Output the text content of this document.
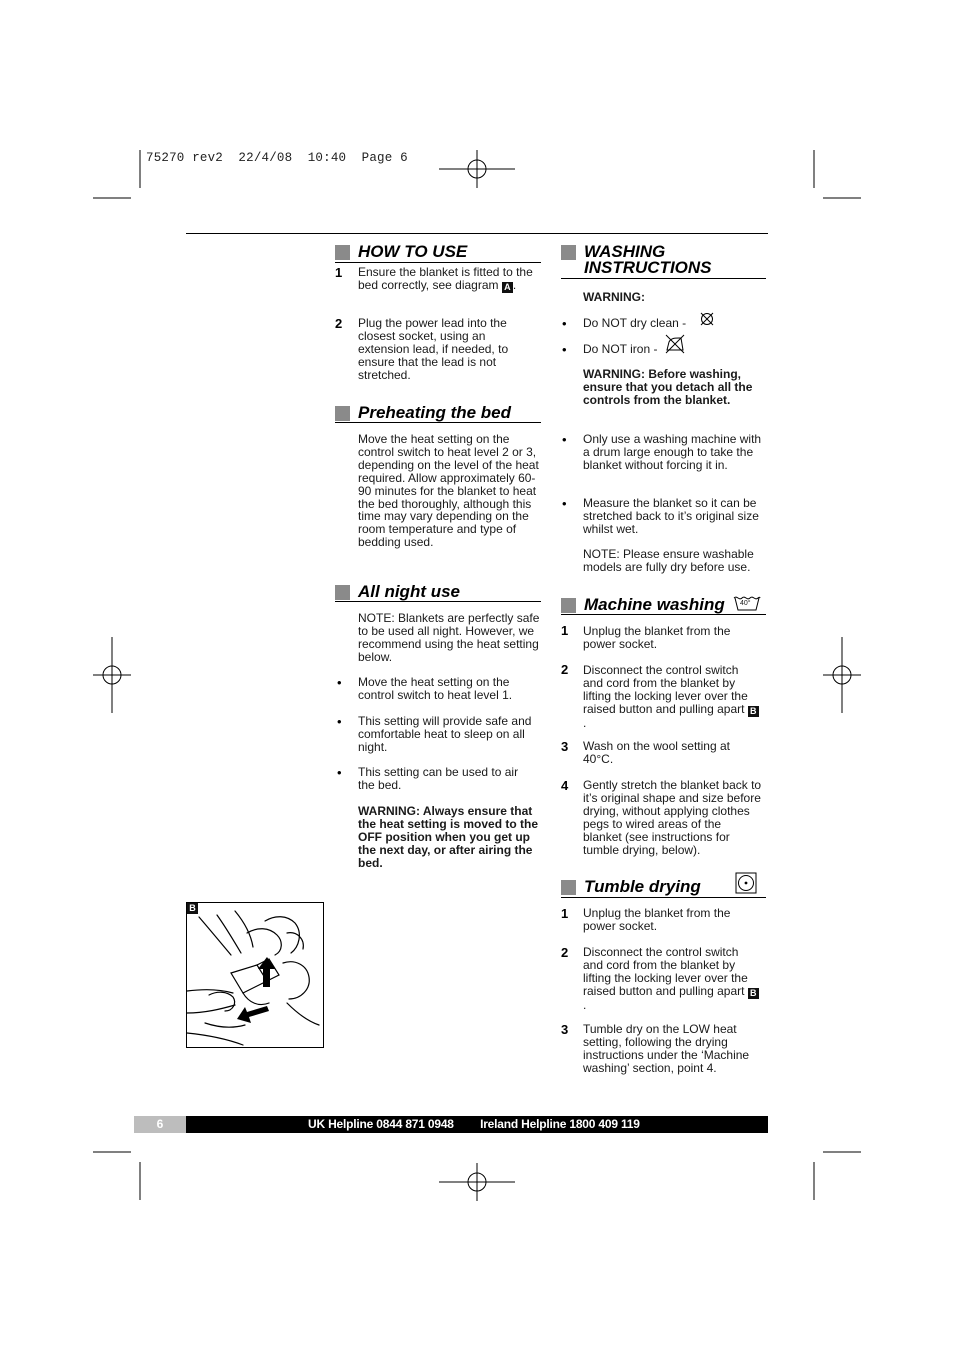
75270 rev2  22/4/08  10:40  Page 6
HOW TO USE
1 Ensure the blanket is fitted to the bed correctly, see diagram A .
2 Plug the power lead into the closest socket, using an extension lead, if needed, to ensure that the lead is not stretched.
Preheating the bed
Move the heat setting on the control switch to heat level 2 or 3, depending on the level of the heat required. Allow approximately 60-90 minutes for the blanket to heat the bed thoroughly, although this time may vary depending on the room temperature and type of bedding used.
All night use
NOTE: Blankets are perfectly safe to be used all night. However, we recommend using the heat setting below.
• Move the heat setting on the control switch to heat level 1.
• This setting will provide safe and comfortable heat to sleep on all night.
• This setting can be used to air the bed.
WARNING: Always ensure that the heat setting is moved to the OFF position when you get up the next day, or after airing the bed.
B
WASHING INSTRUCTIONS
WARNING:
• Do NOT dry clean -
• Do NOT iron -
WARNING: Before washing, ensure that you detach all the controls from the blanket.
• Only use a washing machine with a drum large enough to take the blanket without forcing it in.
• Measure the blanket so it can be stretched back to it’s original size whilst wet.
NOTE: Please ensure washable models are fully dry before use.
Machine washing 40°
1 Unplug the blanket from the power socket.
2 Disconnect the control switch and cord from the blanket by lifting the locking lever over the raised button and pulling apart B.
3 Wash on the wool setting at 40°C.
4 Gently stretch the blanket back to it’s original shape and size before drying, without applying clothes pegs to wired areas of the blanket (see instructions for tumble drying, below).
Tumble drying
1 Unplug the blanket from the power socket.
2 Disconnect the control switch and cord from the blanket by lifting the locking lever over the raised button and pulling apart B.
3 Tumble dry on the LOW heat setting, following the drying instructions under the ‘Machine washing’ section, point 4.
6	UK Helpline 0844 871 0948 Ireland Helpline 1800 409 119
